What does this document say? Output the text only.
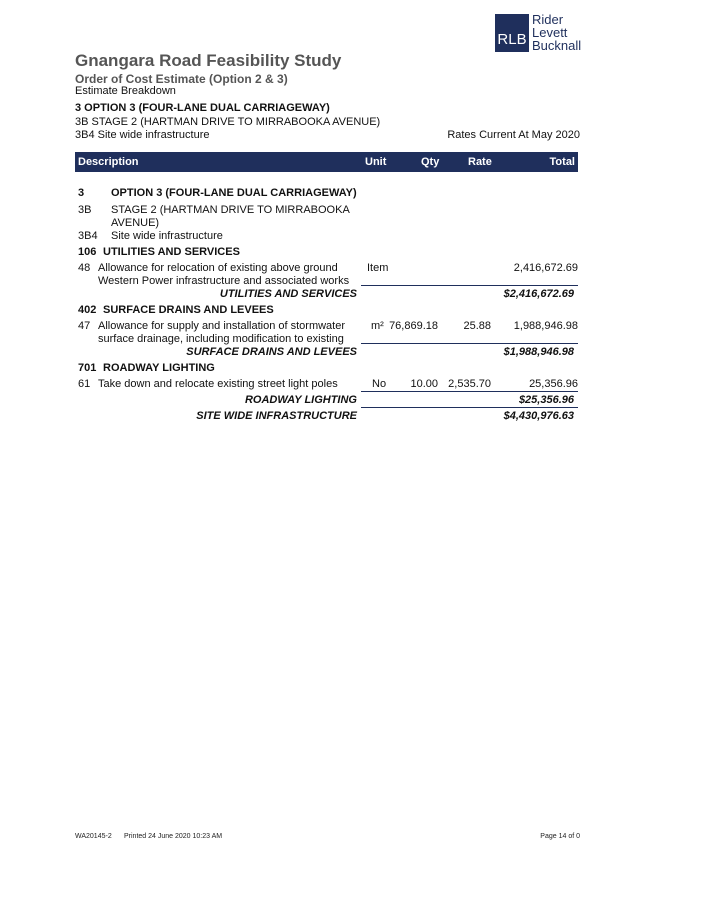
RLB
Rider
Levett
Bucknall
Gnangara Road Feasibility Study
Order of Cost Estimate (Option 2 & 3)
Estimate Breakdown
3 OPTION 3 (FOUR-LANE DUAL CARRIAGEWAY)
3B STAGE 2 (HARTMAN DRIVE TO MIRRABOOKA AVENUE)
3B4 Site wide infrastructure	Rates Current At May 2020
Description	Unit	Qty	Rate	Total
3 OPTION 3 (FOUR-LANE DUAL CARRIAGEWAY)
3B STAGE 2 (HARTMAN DRIVE TO MIRRABOOKA
AVENUE)
3B4 Site wide infrastructure
106 UTILITIES AND SERVICES
48 Allowance for relocation of existing above ground
Western Power infrastructure and associated works
Item	2,416,672.69
UTILITIES AND SERVICES	$2,416,672.69
402 SURFACE DRAINS AND LEVEES
47 Allowance for supply and installation of stormwater
surface drainage, including modification to existing
m² 76,869.18 25.88 1,988,946.98
SURFACE DRAINS AND LEVEES	$1,988,946.98
701 ROADWAY LIGHTING
61 Take down and relocate existing street light poles	No 10.00 2,535.70	25,356.96
ROADWAY LIGHTING	$25,356.96
SITE WIDE INFRASTRUCTURE	$4,430,976.63
WA20145-2 Printed 24 June 2020 10:23 AM	Page 14 of 0
